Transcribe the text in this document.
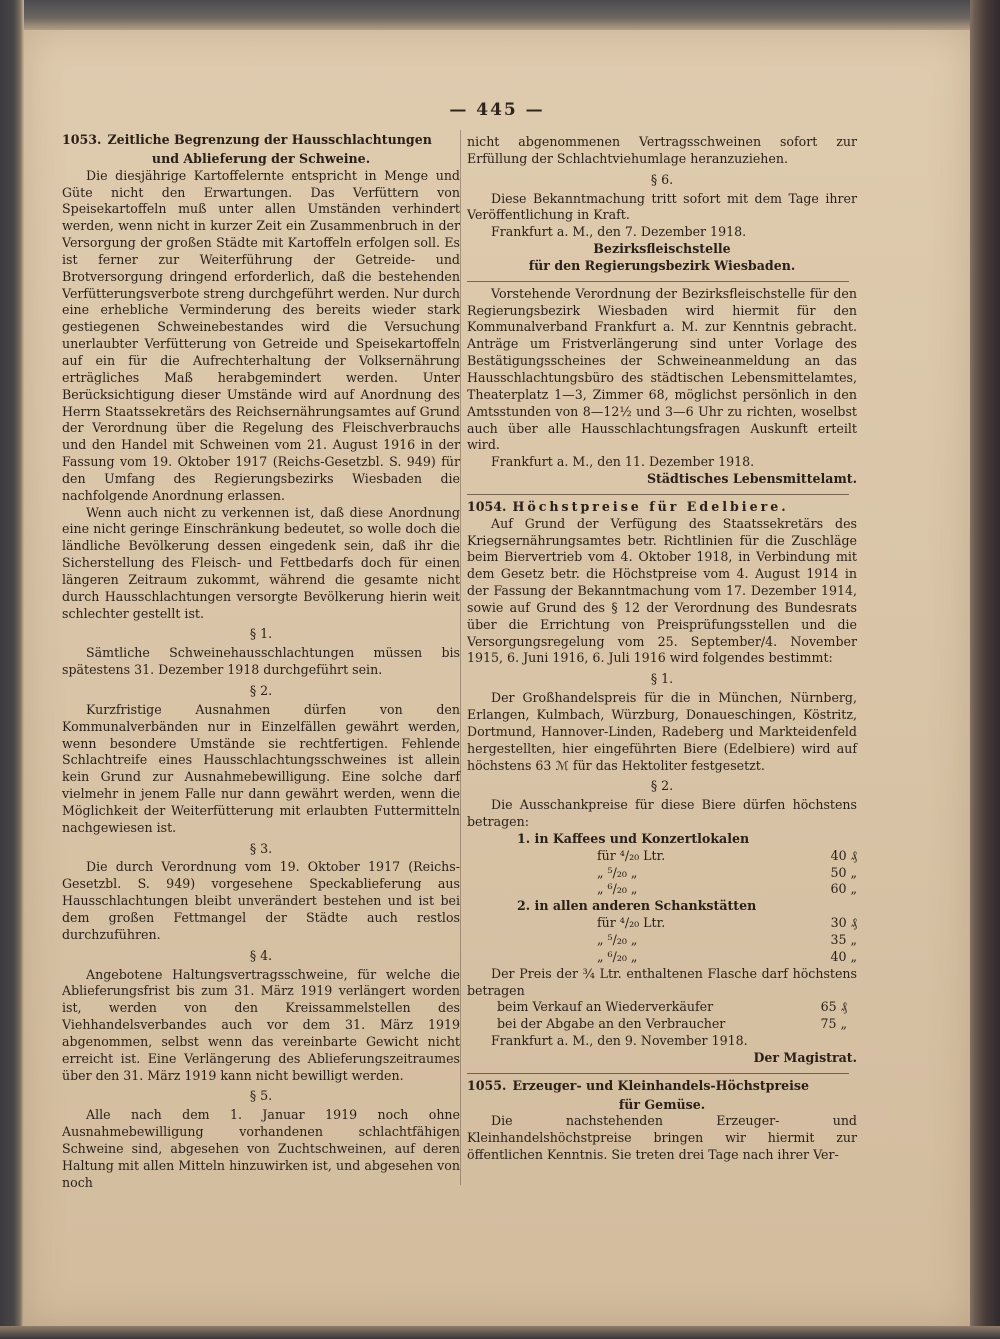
— 445 —

1053. Zeitliche Begrenzung der Hausschlachtungen

und Ablieferung der Schweine.

Die diesjährige Kartoffelernte entspricht in Menge und Güte nicht den Erwartungen. Das Verfüttern von Speisekartoffeln muß unter allen Umständen verhindert werden, wenn nicht in kurzer Zeit ein Zusammenbruch in der Versorgung der großen Städte mit Kartoffeln erfolgen soll. Es ist ferner zur Weiterführung der Getreide- und Brotversorgung dringend erforderlich, daß die bestehenden Verfütterungsverbote streng durchgeführt werden. Nur durch eine erhebliche Verminderung des bereits wieder stark gestiegenen Schweinebestandes wird die Versuchung unerlaubter Verfütterung von Getreide und Speisekartoffeln auf ein für die Aufrechterhaltung der Volksernährung erträgliches Maß herabgemindert werden. Unter Berücksichtigung dieser Umstände wird auf Anordnung des Herrn Staatssekretärs des Reichsernährungsamtes auf Grund der Verordnung über die Regelung des Fleischverbrauchs und den Handel mit Schweinen vom 21. August 1916 in der Fassung vom 19. Oktober 1917 (Reichs-Gesetzbl. S. 949) für den Umfang des Regierungsbezirks Wiesbaden die nachfolgende Anordnung erlassen.

Wenn auch nicht zu verkennen ist, daß diese Anordnung eine nicht geringe Einschränkung bedeutet, so wolle doch die ländliche Bevölkerung dessen eingedenk sein, daß ihr die Sicherstellung des Fleisch- und Fettbedarfs doch für einen längeren Zeitraum zukommt, während die gesamte nicht durch Hausschlachtungen versorgte Bevölkerung hierin weit schlechter gestellt ist.

§ 1.

Sämtliche Schweinehausschlachtungen müssen bis spätestens 31. Dezember 1918 durchgeführt sein.

§ 2.

Kurzfristige Ausnahmen dürfen von den Kommunalverbänden nur in Einzelfällen gewährt werden, wenn besondere Umstände sie rechtfertigen. Fehlende Schlachtreife eines Hausschlachtungsschweines ist allein kein Grund zur Ausnahmebewilligung. Eine solche darf vielmehr in jenem Falle nur dann gewährt werden, wenn die Möglichkeit der Weiterfütterung mit erlaubten Futtermitteln nachgewiesen ist.

§ 3.

Die durch Verordnung vom 19. Oktober 1917 (Reichs-Gesetzbl. S. 949) vorgesehene Speckablieferung aus Hausschlachtungen bleibt unverändert bestehen und ist bei dem großen Fettmangel der Städte auch restlos durchzuführen.

§ 4.

Angebotene Haltungsvertragsschweine, für welche die Ablieferungsfrist bis zum 31. März 1919 verlängert worden ist, werden von den Kreissammelstellen des Viehhandelsverbandes auch vor dem 31. März 1919 abgenommen, selbst wenn das vereinbarte Gewicht nicht erreicht ist. Eine Verlängerung des Ablieferungszeitraumes über den 31. März 1919 kann nicht bewilligt werden.

§ 5.

Alle nach dem 1. Januar 1919 noch ohne Ausnahmebewilligung vorhandenen schlachtfähigen Schweine sind, abgesehen von Zuchtschweinen, auf deren Haltung mit allen Mitteln hinzuwirken ist, und abgesehen von noch

nicht abgenommenen Vertragsschweinen sofort zur Erfüllung der Schlachtviehumlage heranzuziehen.

§ 6.

Diese Bekanntmachung tritt sofort mit dem Tage ihrer Veröffentlichung in Kraft.

Frankfurt a. M., den 7. Dezember 1918.

Bezirksfleischstelle

für den Regierungsbezirk Wiesbaden.

Vorstehende Verordnung der Bezirksfleischstelle für den Regierungsbezirk Wiesbaden wird hiermit für den Kommunalverband Frankfurt a. M. zur Kenntnis gebracht. Anträge um Fristverlängerung sind unter Vorlage des Bestätigungsscheines der Schweineanmeldung an das Hausschlachtungsbüro des städtischen Lebensmittelamtes, Theaterplatz 1—3, Zimmer 68, möglichst persönlich in den Amtsstunden von 8—12½ und 3—6 Uhr zu richten, woselbst auch über alle Hausschlachtungsfragen Auskunft erteilt wird.

Frankfurt a. M., den 11. Dezember 1918.

Städtisches Lebensmittelamt.

1054. Höchstpreise für Edelbiere.

Auf Grund der Verfügung des Staatssekretärs des Kriegsernährungsamtes betr. Richtlinien für die Zuschläge beim Biervertrieb vom 4. Oktober 1918, in Verbindung mit dem Gesetz betr. die Höchstpreise vom 4. August 1914 in der Fassung der Bekanntmachung vom 17. Dezember 1914, sowie auf Grund des § 12 der Verordnung des Bundesrats über die Errichtung von Preisprüfungsstellen und die Versorgungsregelung vom 25. September/4. November 1915, 6. Juni 1916, 6. Juli 1916 wird folgendes bestimmt:

§ 1.

Der Großhandelspreis für die in München, Nürnberg, Erlangen, Kulmbach, Würzburg, Donaueschingen, Köstritz, Dortmund, Hannover-Linden, Radeberg und Markteidenfeld hergestellten, hier eingeführten Biere (Edelbiere) wird auf höchstens 63 ℳ für das Hektoliter festgesetzt.

§ 2.

Die Ausschankpreise für diese Biere dürfen höchstens betragen:

1. in Kaffees und Konzertlokalen

für ⁴/₂₀ Ltr.	40 ₰
„ ⁵/₂₀ „	50 „
„ ⁶/₂₀ „	60 „

2. in allen anderen Schankstätten

für ⁴/₂₀ Ltr.	30 ₰
„ ⁵/₂₀ „	35 „
„ ⁶/₂₀ „	40 „

Der Preis der ¾ Ltr. enthaltenen Flasche darf höchstens betragen

beim Verkauf an Wiederverkäufer	65 ₰
bei der Abgabe an den Verbraucher	75 „

Frankfurt a. M., den 9. November 1918.

Der Magistrat.

1055. Erzeuger- und Kleinhandels-Höchstpreise

für Gemüse.

Die nachstehenden Erzeuger- und Kleinhandelshöchstpreise bringen wir hiermit zur öffentlichen Kenntnis. Sie treten drei Tage nach ihrer Ver-
